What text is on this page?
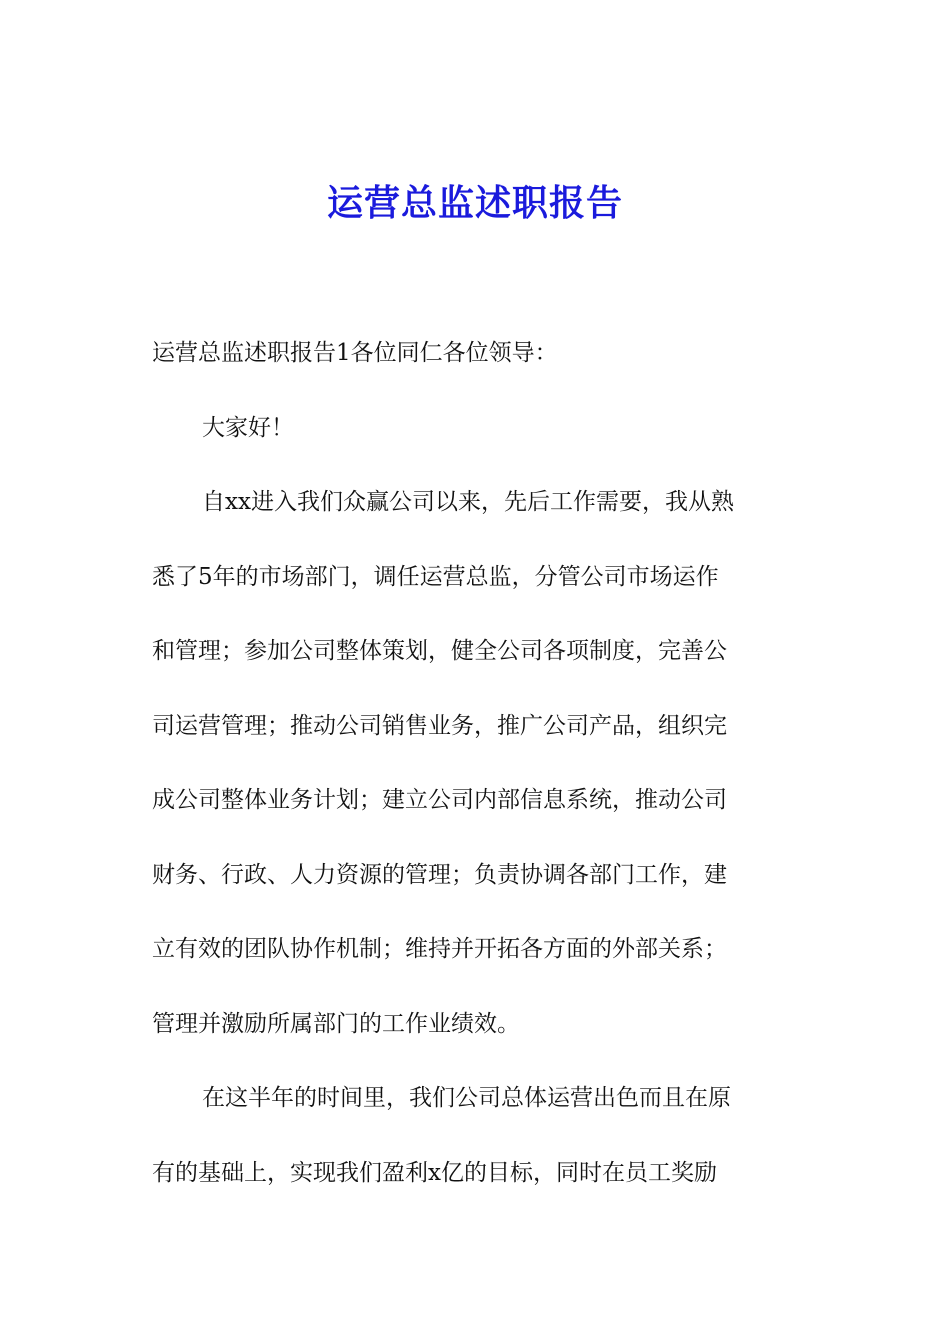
运营总监述职报告
运营总监述职报告1各位同仁各位领导：
大家好！
自xx进入我们众赢公司以来，先后工作需要，我从熟
悉了5年的市场部门，调任运营总监，分管公司市场运作
和管理；参加公司整体策划，健全公司各项制度，完善公
司运营管理；推动公司销售业务，推广公司产品，组织完
成公司整体业务计划；建立公司内部信息系统，推动公司
财务、行政、人力资源的管理；负责协调各部门工作，建
立有效的团队协作机制；维持并开拓各方面的外部关系；
管理并激励所属部门的工作业绩效。
在这半年的时间里，我们公司总体运营出色而且在原
有的基础上，实现我们盈利x亿的目标，同时在员工奖励
